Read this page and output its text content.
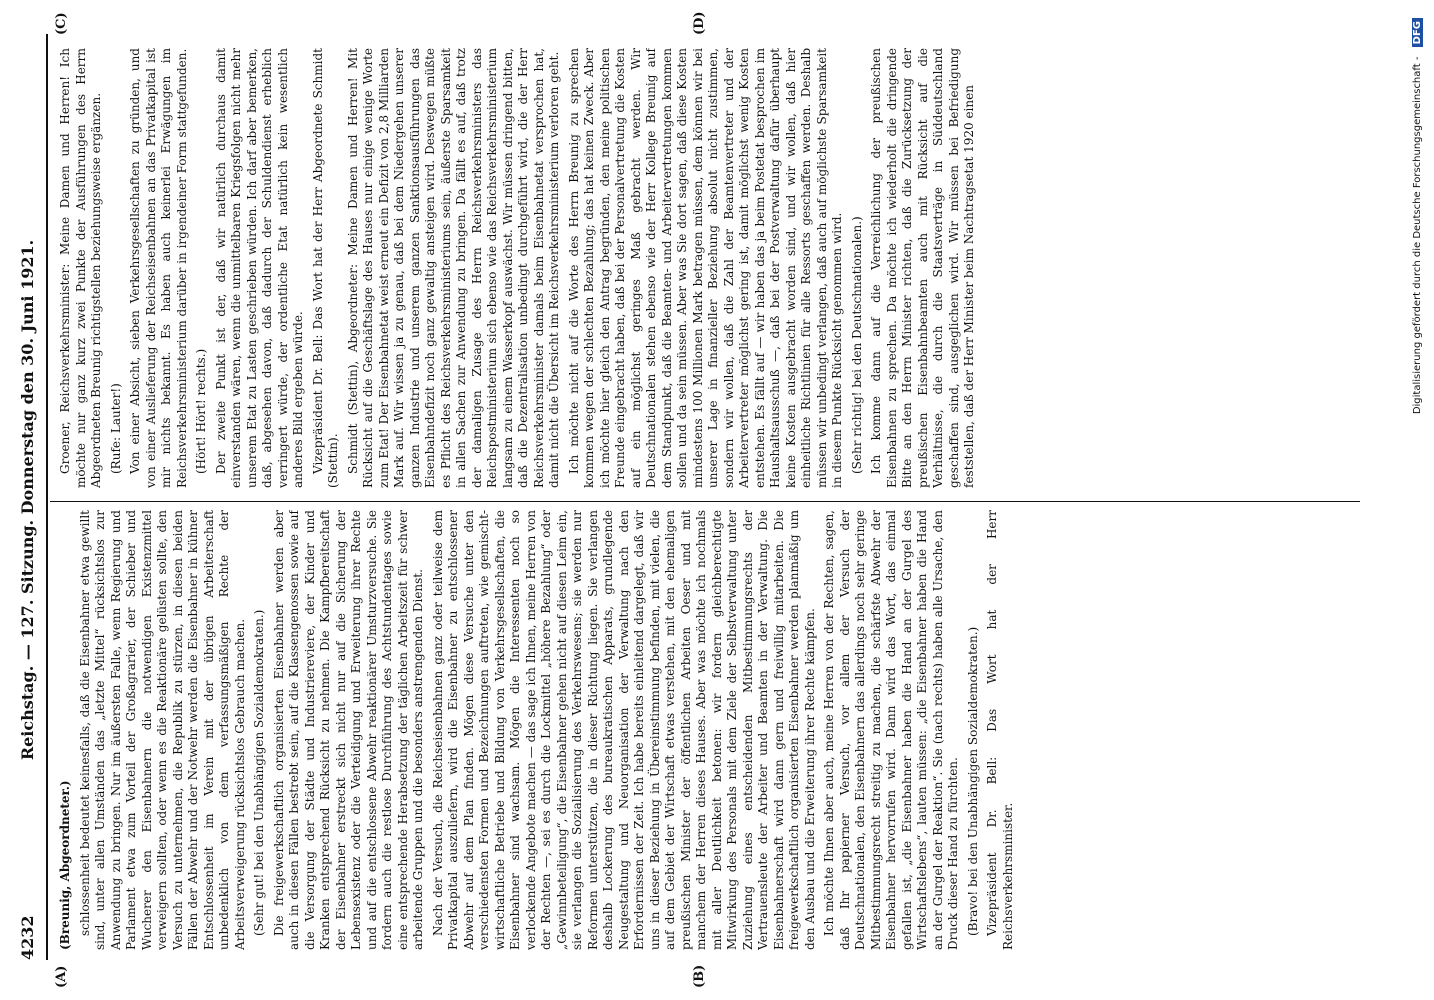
4232
Reichstag. — 127. Sitzung. Donnerstag den 30. Juni 1921.
(A)	(B)
(C)	(D)
(Breunig, Abgeordneter.) schlossenheit bedeutet keinesfalls, daß die Eisenbahner etwa gewillt sind, unter allen Umständen das „letzte Mittel“ rücksichtslos zur Anwendung zu bringen. Nur im äußersten Falle, wenn Regierung und Parlament etwa zum Vorteil der Großagrarier, der Schieber und Wucherer den Eisenbahnern die notwendigen Existenzmittel verweigern sollten, oder wenn es die Reaktionäre gelüsten sollte, den Versuch zu unternehmen, die Republik zu stürzen, in diesen beiden Fällen der Abwehr und der Notwehr werden die Eisenbahner in kühner Entschlossenheit im Verein mit der übrigen Arbeiterschaft unbedenklich von dem verfassungsmäßigen Rechte der Arbeitsverweigerung rücksichtslos Gebrauch machen. (Sehr gut! bei den Unabhängigen Sozialdemokraten.) Die freigewerkschaftlich organisierten Eisenbahner werden aber auch in diesen Fällen bestrebt sein, auf die Klassengenossen sowie auf die Versorgung der Städte und Industriereviere, der Kinder und Kranken entsprechend Rücksicht zu nehmen. Die Kampfbereitschaft der Eisenbahner erstreckt sich nicht nur auf die Sicherung der Lebensexistenz oder die Verteidigung und Erweiterung ihrer Rechte und auf die entschlossene Abwehr reaktionärer Umsturzversuche. Sie fordern auch die restlose Durchführung des Achtstundentages sowie eine entsprechende Herabsetzung der täglichen Arbeitszeit für schwer arbeitende Gruppen und die besonders anstrengenden Dienst. Nach der Versuch, die Reichseisenbahnen ganz oder teilweise dem Privatkapital auszuliefern, wird die Eisenbahner zu entschlossener Abwehr auf dem Plan finden. Mögen diese Versuche unter den verschiedensten Formen und Bezeichnungen auftreten, wie gemischt-wirtschaftliche Betriebe und Bildung von Verkehrsgesellschaften, die Eisenbahner sind wachsam. Mögen die Interessenten noch so verlockende Angebote machen — das sage ich Ihnen, meine Herren von der Rechten —, sei es durch die Lockmittel „höhere Bezahlung“ oder „Gewinnbeteiligung“, die Eisenbahner gehen nicht auf diesen Leim ein, sie verlangen die Sozialisierung des Verkehrswesens; sie werden nur Reformen unterstützen, die in dieser Richtung liegen. Sie verlangen deshalb Lockerung des bureaukratischen Apparats, grundlegende Neugestaltung und Neuorganisation der Verwaltung nach den Erfordernissen der Zeit. Ich habe bereits einleitend dargelegt, daß wir uns in dieser Beziehung in Übereinstimmung befinden, mit vielen, die auf dem Gebiet der Wirtschaft etwas verstehen, mit den ehemaligen preußischen Minister der öffentlichen Arbeiten Oeser und mit manchem der Herren dieses Hauses. Aber was möchte ich nochmals mit aller Deutlichkeit betonen: wir fordern gleichberechtigte Mitwirkung des Personals mit dem Ziele der Selbstverwaltung unter Zuziehung eines entscheidenden Mitbestimmungsrechts der Vertrauensleute der Arbeiter und Beamten in der Verwaltung. Die Eisenbahnerschaft wird dann gern und freiwillig mitarbeiten. Die freigewerkschaftlich organisierten Eisenbahner werden planmäßig um den Ausbau und die Erweiterung ihrer Rechte kämpfen. Ich möchte Ihnen aber auch, meine Herren von der Rechten, sagen, daß Ihr papierner Versuch, vor allem der Versuch der Deutschnationalen, den Eisenbahnern das allerdings noch sehr geringe Mitbestimmungsrecht streitig zu machen, die schärfste Abwehr der Eisenbahner hervorrufen wird. Dann wird das Wort, das einmal gefallen ist, „die Eisenbahner haben die Hand an der Gurgel des Wirtschaftslebens“, lauten müssen: „die Eisenbahner haben die Hand an der Gurgel der Reaktion“. Sie (nach rechts) haben alle Ursache, den Druck dieser Hand zu fürchten. (Bravo! bei den Unabhängigen Sozialdemokraten.) Vizepräsident Dr. Bell: Das Wort hat der Herr Reichsverkehrsminister.

Groener, Reichsverkehrsminister: Meine Damen und Herren! Ich möchte nur ganz kurz zwei Punkte der Ausführungen des Herrn Abgeordneten Breunig richtigstellen beziehungsweise ergänzen. (Rufe: Lauter!) Von einer Absicht, sieben Verkehrsgesellschaften zu gründen, und von einer Auslieferung der Reichseisenbahnen an das Privatkapital ist mir nichts bekannt. Es haben auch keinerlei Erwägungen im Reichsverkehrsministerium darüber in irgendeiner Form stattgefunden. (Hört! Hört! rechts.) Der zweite Punkt ist der, daß wir natürlich durchaus damit einverstanden wären, wenn die unmittelbaren Kriegsfolgen nicht mehr unserem Etat zu Lasten geschrieben würden. Ich darf aber bemerken, daß, abgesehen davon, daß dadurch der Schuldendienst erheblich verringert würde, der ordentliche Etat natürlich kein wesentlich anderes Bild ergeben würde. Vizepräsident Dr. Bell: Das Wort hat der Herr Abgeordnete Schmidt (Stettin). Schmidt (Stettin), Abgeordneter: Meine Damen und Herren! Mit Rücksicht auf die Geschäftslage des Hauses nur einige wenige Worte zum Etat! Der Eisenbahnetat weist erneut ein Defizit von 2,8 Milliarden Mark auf. Wir wissen ja zu genau, daß bei dem Niedergehen unserer ganzen Industrie und unserem ganzen Sanktionsausführungen das Eisenbahndefizit noch ganz gewaltig ansteigen wird. Deswegen müßte es Pflicht des Reichsverkehrsministeriums sein, äußerste Sparsamkeit in allen Sachen zur Anwendung zu bringen. Da fällt es auf, daß trotz der damaligen Zusage des Herrn Reichsverkehrsministers das Reichspostministerium sich ebenso wie das Reichsverkehrsministerium langsam zu einem Wasserkopf auswächst. Wir müssen dringend bitten, daß die Dezentralisation unbedingt durchgeführt wird, die der Herr Reichsverkehrsminister damals beim Eisenbahnetat versprochen hat, damit nicht die Übersicht im Reichsverkehrsministerium verloren geht. Ich möchte nicht auf die Worte des Herrn Breunig zu sprechen kommen wegen der schlechten Bezahlung; das hat keinen Zweck. Aber ich möchte hier gleich den Antrag begründen, den meine politischen Freunde eingebracht haben, daß bei der Personalvertretung die Kosten auf ein möglichst geringes Maß gebracht werden. Wir Deutschnationalen stehen ebenso wie der Herr Kollege Breunig auf dem Standpunkt, daß die Beamten- und Arbeitervertretungen kommen sollen und da sein müssen. Aber was Sie dort sagen, daß diese Kosten mindestens 100 Millionen Mark betragen müssen, dem können wir bei unserer Lage in finanzieller Beziehung absolut nicht zustimmen, sondern wir wollen, daß die Zahl der Beamtenvertreter und der Arbeitervertreter möglichst gering ist, damit möglichst wenig Kosten entstehen. Es fällt auf — wir haben das ja beim Postetat besprochen im Haushaltsausschuß —, daß bei der Postverwaltung dafür überhaupt keine Kosten ausgebracht worden sind, und wir wollen, daß hier einheitliche Richtlinien für alle Ressorts geschaffen werden. Deshalb müssen wir unbedingt verlangen, daß auch auf möglichste Sparsamkeit in diesem Punkte Rücksicht genommen wird. (Sehr richtig! bei den Deutschnationalen.) Ich komme dann auf die Verreichlichung der preußischen Eisenbahnen zu sprechen. Da möchte ich wiederholt die dringende Bitte an den Herrn Minister richten, daß die Zurücksetzung der preußischen Eisenbahnbeamten auch mit Rücksicht auf die Verhältnisse, die durch die Staatsverträge in Süddeutschland geschaffen sind, ausgeglichen wird. Wir müssen bei Befriedigung feststellen, daß der Herr Minister beim Nachtragsetat 1920 einen	Digitalisierung gefördert durch die Deutsche Forschungsgemeinschaft - DFG
